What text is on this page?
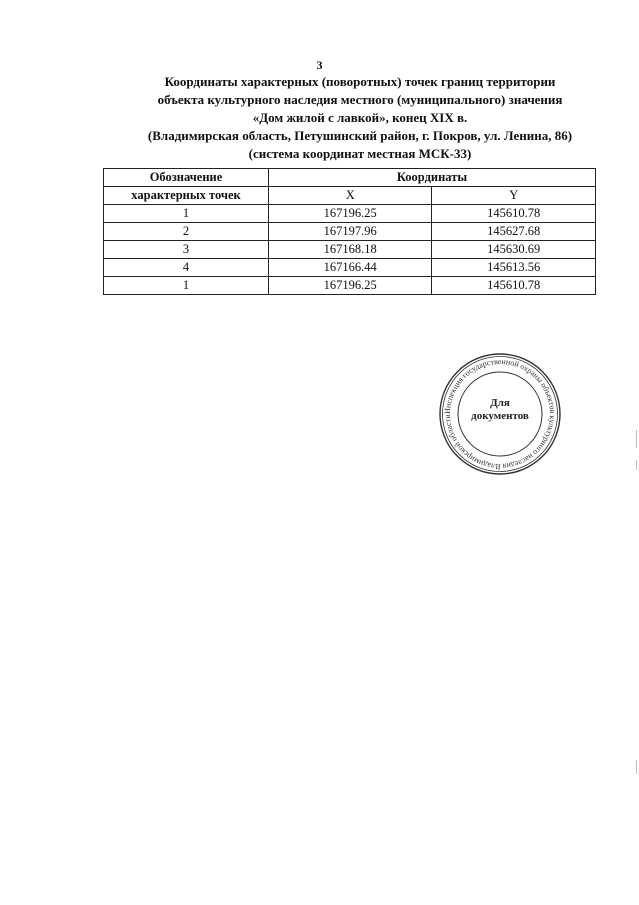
3
Координаты характерных (поворотных) точек границ территории
объекта культурного наследия местного (муниципального) значения
«Дом жилой с лавкой», конец XIX в.
(Владимирская область, Петушинский район, г. Покров, ул. Ленина, 86)
(система координат местная МСК-33)
Обозначение	Координаты	
характерных точек	X	Y
1	167196.25	145610.78
2	167197.96	145627.68
3	167168.18	145630.69
4	167166.44	145613.56
1	167196.25	145610.78
Инспекция государственной охраны объектов культурного наследия Владимирской области
Для
документов
